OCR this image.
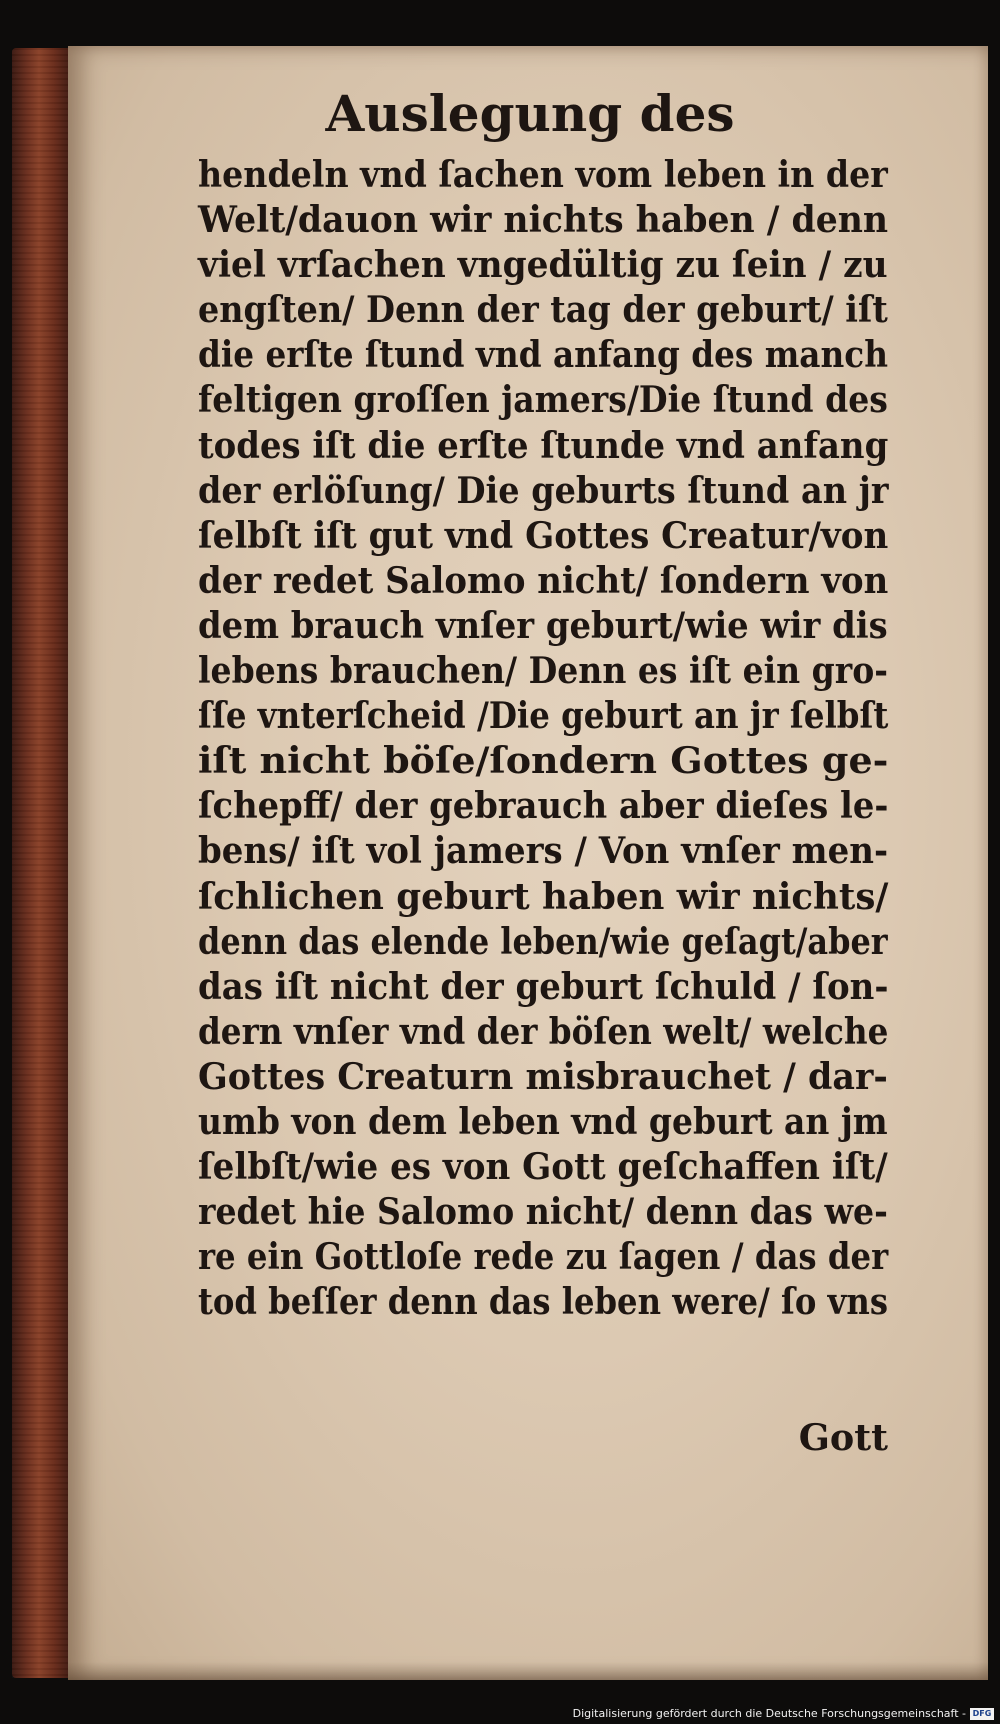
Auslegung des
hendeln vnd ſachen vom leben in der
Welt/dauon wir nichts haben / denn
viel vrſachen vngedültig zu ſein / zu
engſten/ Denn der tag der geburt/ iſt
die erſte ſtund vnd anfang des manch
feltigen groſſen jamers/Die ſtund des
todes iſt die erſte ſtunde vnd anfang
der erlöſung/ Die geburts ſtund an jr
ſelbſt iſt gut vnd Gottes Creatur/von
der redet Salomo nicht/ ſondern von
dem brauch vnſer geburt/wie wir dis
lebens brauchen/ Denn es iſt ein gro-
ſſe vnterſcheid /Die geburt an jr ſelbſt
iſt nicht böſe/ſondern Gottes ge-
ſchepff/ der gebrauch aber dieſes le-
bens/ iſt vol jamers / Von vnſer men-
ſchlichen geburt haben wir nichts/
denn das elende leben/wie geſagt/aber
das iſt nicht der geburt ſchuld / ſon-
dern vnſer vnd der böſen welt/ welche
Gottes Creaturn misbrauchet / dar-
umb von dem leben vnd geburt an jm
ſelbſt/wie es von Gott geſchaffen iſt/
redet hie Salomo nicht/ denn das we-
re ein Gottloſe rede zu ſagen / das der
tod beſſer denn das leben were/ ſo vns
Gott
Digitalisierung gefördert durch die Deutsche Forschungsgemeinschaft - DFG
